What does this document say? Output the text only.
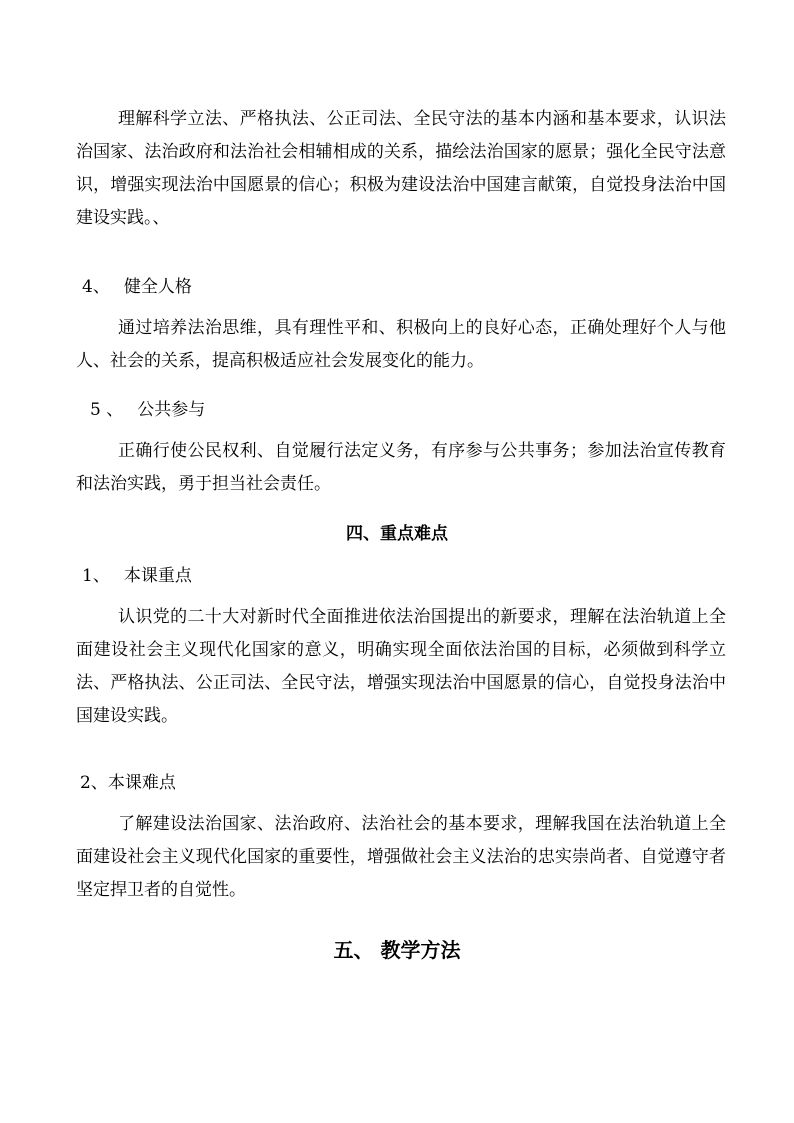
理解科学立法、严格执法、公正司法、全民守法的基本内涵和基本要求，认识法治国家、法治政府和法治社会相辅相成的关系，描绘法治国家的愿景；强化全民守法意识，增强实现法治中国愿景的信心；积极为建设法治中国建言献策，自觉投身法治中国建设实践。、

4、 健全人格

通过培养法治思维，具有理性平和、积极向上的良好心态，正确处理好个人与他人、社会的关系，提高积极适应社会发展变化的能力。

5 、 公共参与

正确行使公民权利、自觉履行法定义务，有序参与公共事务；参加法治宣传教育和法治实践，勇于担当社会责任。

四、重点难点

1、 本课重点

认识党的二十大对新时代全面推进依法治国提出的新要求，理解在法治轨道上全面建设社会主义现代化国家的意义，明确实现全面依法治国的目标，必须做到科学立法、严格执法、公正司法、全民守法，增强实现法治中国愿景的信心，自觉投身法治中国建设实践。

2、本课难点

了解建设法治国家、法治政府、法治社会的基本要求，理解我国在法治轨道上全面建设社会主义现代化国家的重要性，增强做社会主义法治的忠实崇尚者、自觉遵守者坚定捍卫者的自觉性。

五、 教学方法
